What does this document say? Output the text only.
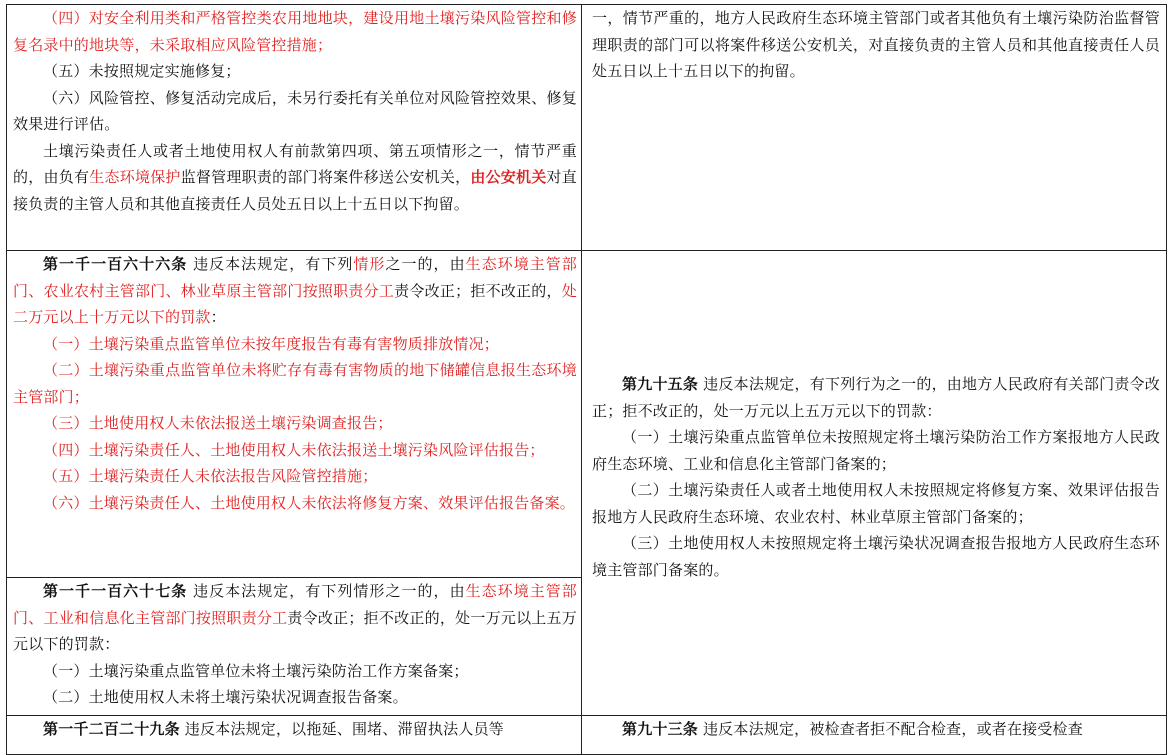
（四）对安全利用类和严格管控类农用地地块，建设用地土壤污染风险管控和修复名录中的地块等，未采取相应风险管控措施；

（五）未按照规定实施修复；

（六）风险管控、修复活动完成后，未另行委托有关单位对风险管控效果、修复效果进行评估。

土壤污染责任人或者土地使用权人有前款第四项、第五项情形之一，情节严重的，由负有生态环境保护监督管理职责的部门将案件移送公安机关，由公安机关对直接负责的主管人员和其他直接责任人员处五日以上十五日以下拘留。

一，情节严重的，地方人民政府生态环境主管部门或者其他负有土壤污染防治监督管理职责的部门可以将案件移送公安机关，对直接负责的主管人员和其他直接责任人员处五日以上十五日以下的拘留。

第一千一百六十六条 违反本法规定，有下列情形之一的，由生态环境主管部门、农业农村主管部门、林业草原主管部门按照职责分工责令改正；拒不改正的，处二万元以上十万元以下的罚款：

（一）土壤污染重点监管单位未按年度报告有毒有害物质排放情况；

（二）土壤污染重点监管单位未将贮存有毒有害物质的地下储罐信息报生态环境主管部门；

（三）土地使用权人未依法报送土壤污染调查报告；

（四）土壤污染责任人、土地使用权人未依法报送土壤污染风险评估报告；

（五）土壤污染责任人未依法报告风险管控措施；

（六）土壤污染责任人、土地使用权人未依法将修复方案、效果评估报告备案。

第九十五条 违反本法规定，有下列行为之一的，由地方人民政府有关部门责令改正；拒不改正的，处一万元以上五万元以下的罚款：

（一）土壤污染重点监管单位未按照规定将土壤污染防治工作方案报地方人民政府生态环境、工业和信息化主管部门备案的；

（二）土壤污染责任人或者土地使用权人未按照规定将修复方案、效果评估报告报地方人民政府生态环境、农业农村、林业草原主管部门备案的；

（三）土地使用权人未按照规定将土壤污染状况调查报告报地方人民政府生态环境主管部门备案的。

第一千一百六十七条 违反本法规定，有下列情形之一的，由生态环境主管部门、工业和信息化主管部门按照职责分工责令改正；拒不改正的，处一万元以上五万元以下的罚款：

（一）土壤污染重点监管单位未将土壤污染防治工作方案备案；

（二）土地使用权人未将土壤污染状况调查报告备案。

第一千二百二十九条 违反本法规定，以拖延、围堵、滞留执法人员等	第九十三条 违反本法规定，被检查者拒不配合检查，或者在接受检查
